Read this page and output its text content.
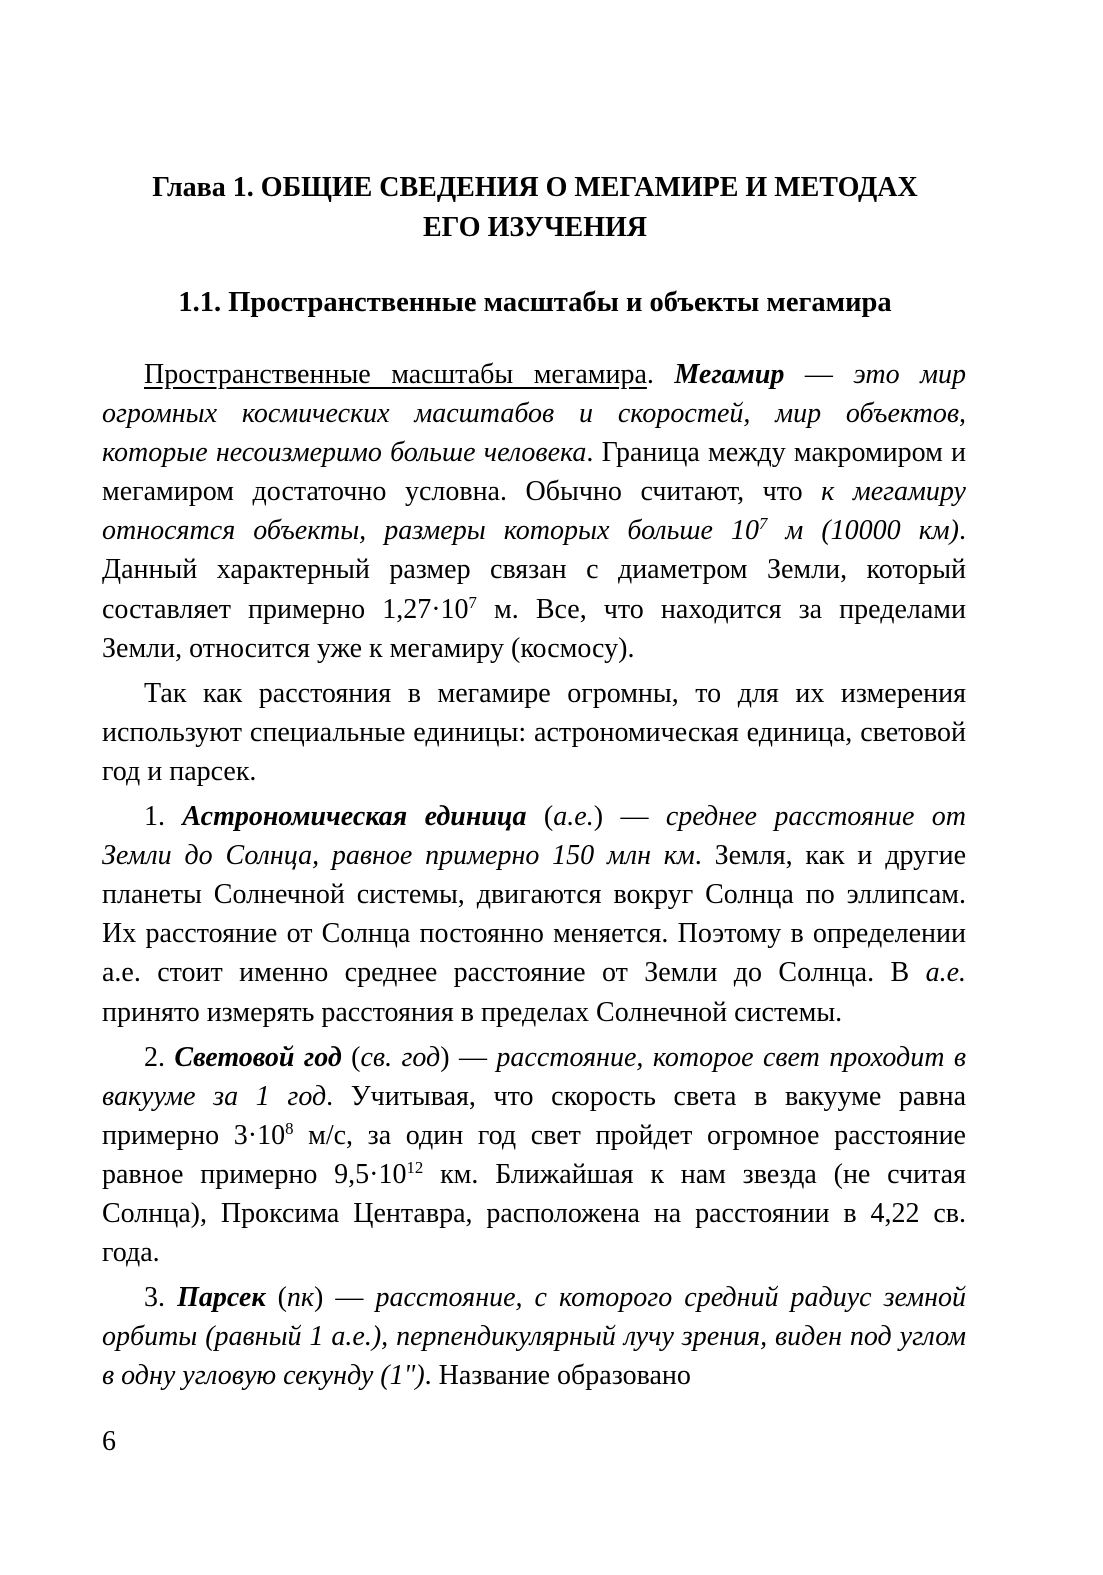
Глава 1. ОБЩИЕ СВЕДЕНИЯ О МЕГАМИРЕ И МЕТОДАХ
ЕГО ИЗУЧЕНИЯ
1.1. Пространственные масштабы и объекты мегамира

Пространственные масштабы мегамира. Мегамир — это мир огромных космических масштабов и скоростей, мир объектов, которые несоизмеримо больше человека. Граница между макромиром и мегамиром достаточно условна. Обычно считают, что к мегамиру относятся объекты, размеры которых больше $10^7$ м (10000 км). Данный характерный размер связан с диаметром Земли, который составляет примерно $1,27\cdot 10^7$ м. Все, что находится за пределами Земли, относится уже к мегамиру (космосу).

Так как расстояния в мегамире огромны, то для их измерения используют специальные единицы: астрономическая единица, световой год и парсек.

1. Астрономическая единица (а.е.) — среднее расстояние от Земли до Солнца, равное примерно 150 млн км. Земля, как и другие планеты Солнечной системы, двигаются вокруг Солнца по эллипсам. Их расстояние от Солнца постоянно меняется. Поэтому в определении а.е. стоит именно среднее расстояние от Земли до Солнца. В а.е. принято измерять расстояния в пределах Солнечной системы.

2. Световой год (св. год) — расстояние, которое свет проходит в вакууме за 1 год. Учитывая, что скорость света в вакууме равна примерно $3\cdot 10^8$ м/с, за один год свет пройдет огромное расстояние равное примерно $9,5\cdot 10^{12}$ км. Ближайшая к нам звезда (не считая Солнца), Проксима Центавра, расположена на расстоянии в 4,22 св. года.

3. Парсек (пк) — расстояние, с которого средний радиус земной орбиты (равный 1 а.е.), перпендикулярный лучу зрения, виден под углом в одну угловую секунду (1"). Название образовано

6
